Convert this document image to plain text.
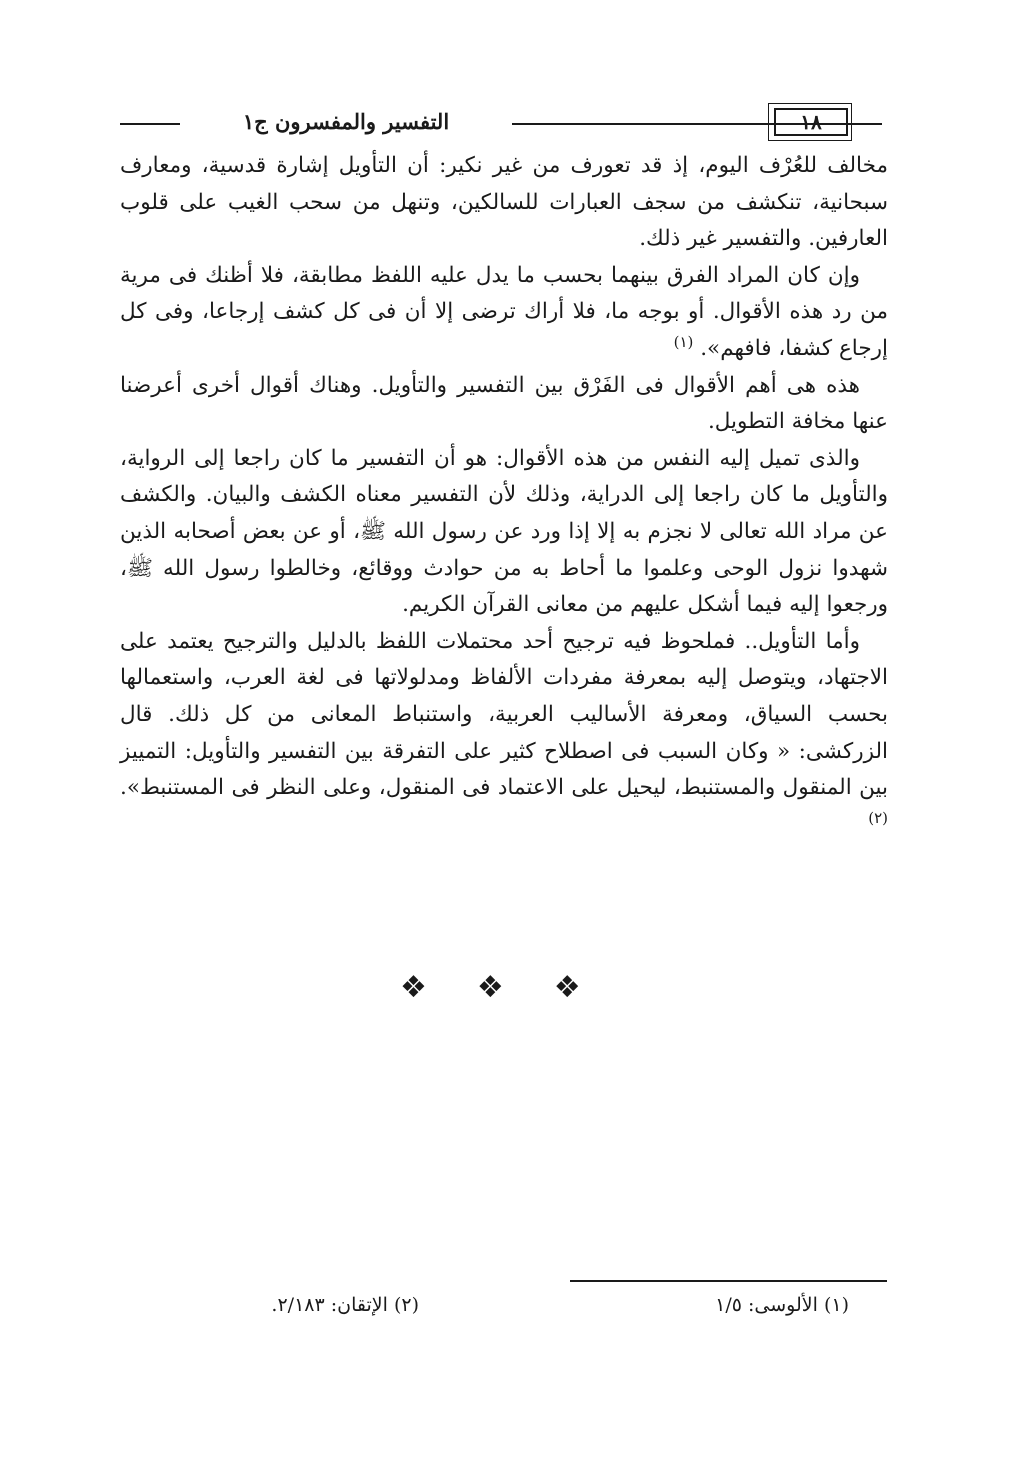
التفسير والمفسرون ج١	١٨

مخالف للعُرْف اليوم، إذ قد تعورف من غير نكير: أن التأويل إشارة قدسية، ومعارف سبحانية، تنكشف من سجف العبارات للسالكين، وتنهل من سحب الغيب على قلوب العارفين. والتفسير غير ذلك.

وإن كان المراد الفرق بينهما بحسب ما يدل عليه اللفظ مطابقة، فلا أظنك فى مرية من رد هذه الأقوال. أو بوجه ما، فلا أراك ترضى إلا أن فى كل كشف إرجاعا، وفى كل إرجاع كشفا، فافهم». $^{(١)}$

هذه هى أهم الأقوال فى الفَرْق بين التفسير والتأويل. وهناك أقوال أخرى أعرضنا عنها مخافة التطويل.

والذى تميل إليه النفس من هذه الأقوال: هو أن التفسير ما كان راجعا إلى الرواية، والتأويل ما كان راجعا إلى الدراية، وذلك لأن التفسير معناه الكشف والبيان. والكشف عن مراد الله تعالى لا نجزم به إلا إذا ورد عن رسول الله ﷺ، أو عن بعض أصحابه الذين شهدوا نزول الوحى وعلموا ما أحاط به من حوادث ووقائع، وخالطوا رسول الله ﷺ، ورجعوا إليه فيما أشكل عليهم من معانى القرآن الكريم.

وأما التأويل.. فملحوظ فيه ترجيح أحد محتملات اللفظ بالدليل والترجيح يعتمد على الاجتهاد، ويتوصل إليه بمعرفة مفردات الألفاظ ومدلولاتها فى لغة العرب، واستعمالها بحسب السياق، ومعرفة الأساليب العربية، واستنباط المعانى من كل ذلك. قال الزركشى: « وكان السبب فى اصطلاح كثير على التفرقة بين التفسير والتأويل: التمييز بين المنقول والمستنبط، ليحيل على الاعتماد فى المنقول، وعلى النظر فى المستنبط». $^{(٢)}$

❖❖❖
(١) الألوسى: ١/٥
(٢) الإتقان: ٢/١٨٣.
